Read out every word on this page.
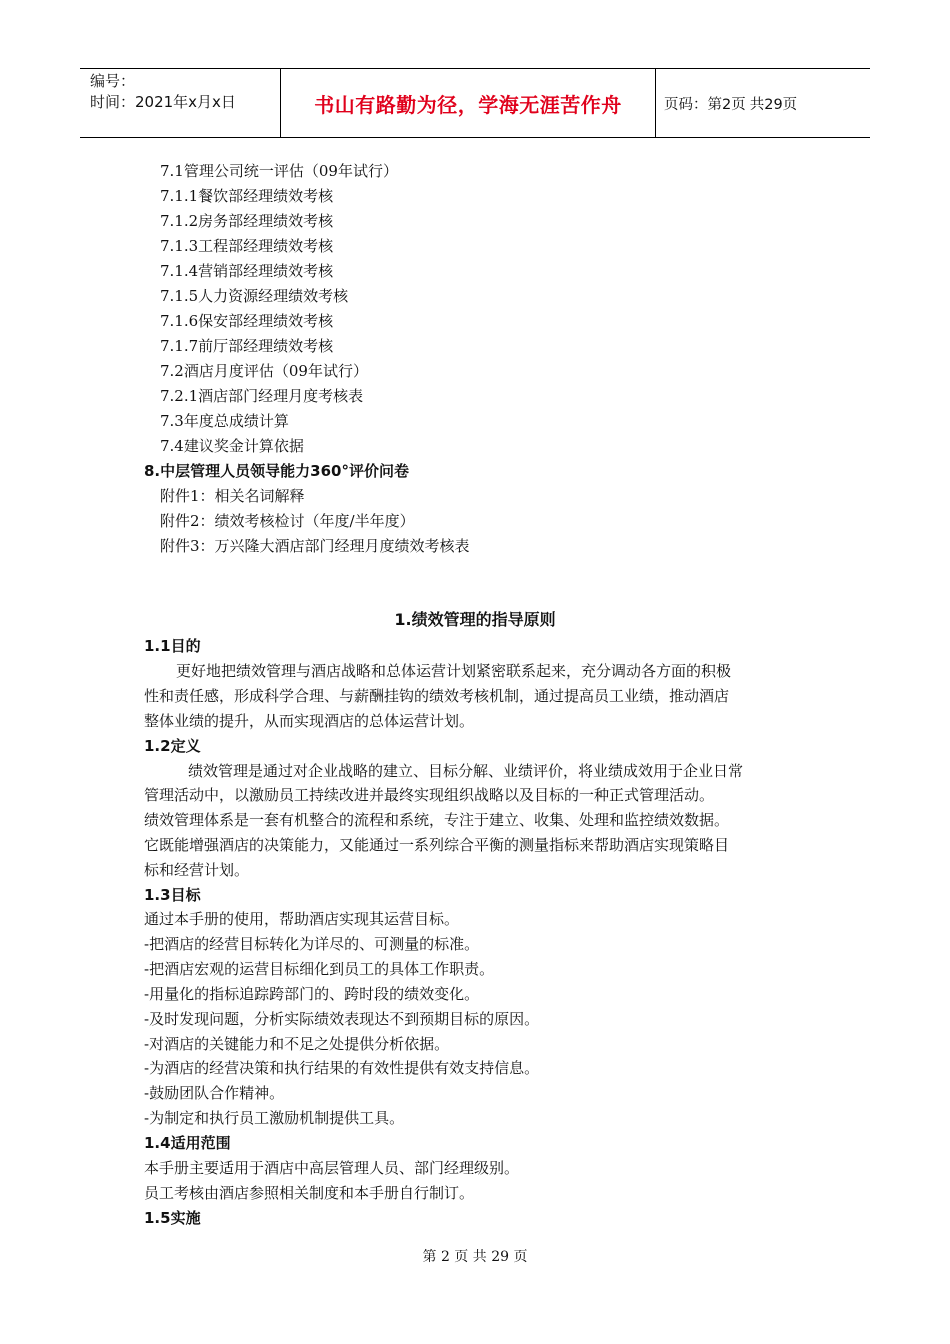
编号：
时间：2021年x月x日	书山有路勤为径，学海无涯苦作舟	页码：第2页 共29页
7.1管理公司统一评估（09年试行）
7.1.1餐饮部经理绩效考核
7.1.2房务部经理绩效考核
7.1.3工程部经理绩效考核
7.1.4营销部经理绩效考核
7.1.5人力资源经理绩效考核
7.1.6保安部经理绩效考核
7.1.7前厅部经理绩效考核
7.2酒店月度评估（09年试行）
7.2.1酒店部门经理月度考核表
7.3年度总成绩计算
7.4建议奖金计算依据
8.中层管理人员领导能力360°评价问卷
附件1：相关名词解释
附件2：绩效考核检讨（年度/半年度）
附件3：万兴隆大酒店部门经理月度绩效考核表
1.绩效管理的指导原则
1.1目的
更好地把绩效管理与酒店战略和总体运营计划紧密联系起来，充分调动各方面的积极
性和责任感，形成科学合理、与薪酬挂钩的绩效考核机制，通过提高员工业绩，推动酒店
整体业绩的提升，从而实现酒店的总体运营计划。
1.2定义
绩效管理是通过对企业战略的建立、目标分解、业绩评价，将业绩成效用于企业日常
管理活动中，以激励员工持续改进并最终实现组织战略以及目标的一种正式管理活动。
绩效管理体系是一套有机整合的流程和系统，专注于建立、收集、处理和监控绩效数据。
它既能增强酒店的决策能力，又能通过一系列综合平衡的测量指标来帮助酒店实现策略目
标和经营计划。
1.3目标
通过本手册的使用，帮助酒店实现其运营目标。
-把酒店的经营目标转化为详尽的、可测量的标准。
-把酒店宏观的运营目标细化到员工的具体工作职责。
-用量化的指标追踪跨部门的、跨时段的绩效变化。
-及时发现问题，分析实际绩效表现达不到预期目标的原因。
-对酒店的关键能力和不足之处提供分析依据。
-为酒店的经营决策和执行结果的有效性提供有效支持信息。
-鼓励团队合作精神。
-为制定和执行员工激励机制提供工具。
1.4适用范围
本手册主要适用于酒店中高层管理人员、部门经理级别。
员工考核由酒店参照相关制度和本手册自行制订。
1.5实施
第 2 页 共 29 页
